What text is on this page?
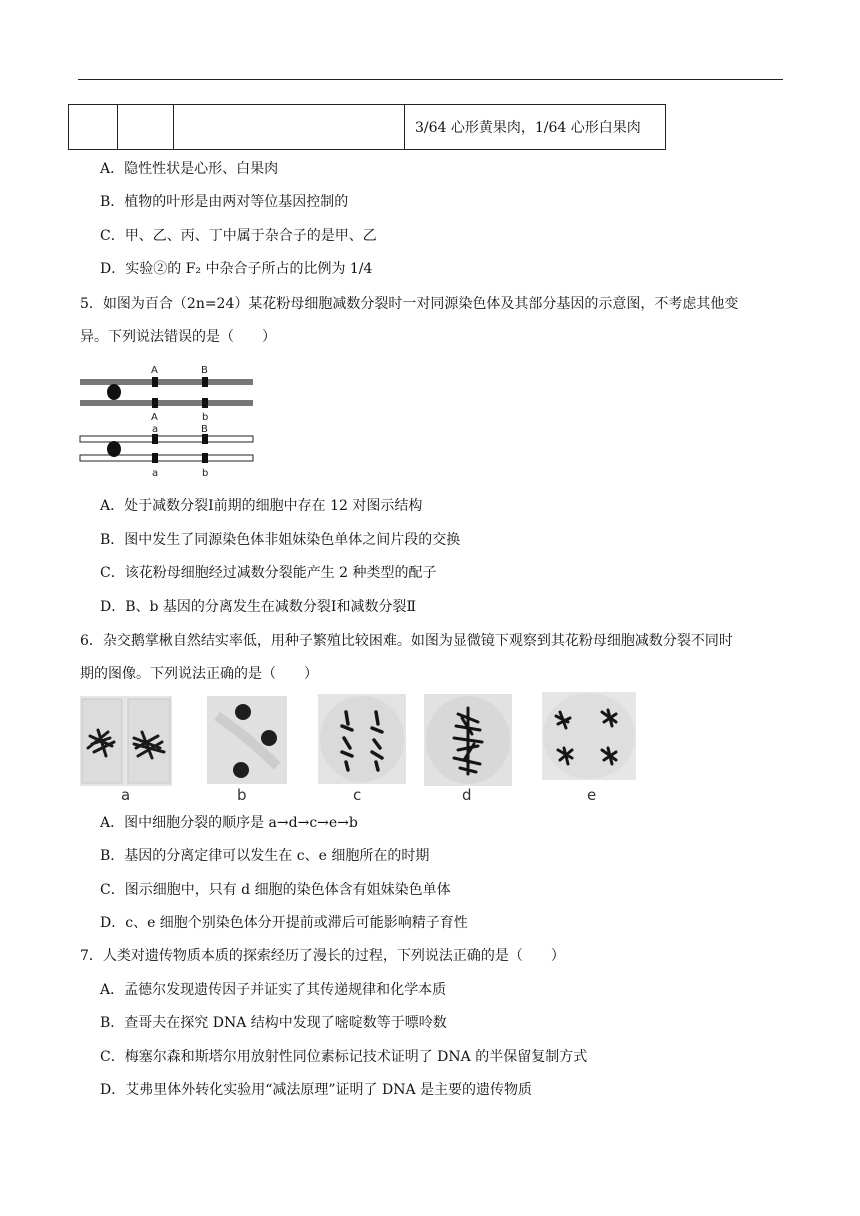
			3/64 心形黄果肉，1/64 心形白果肉
A．隐性性状是心形、白果肉
B．植物的叶形是由两对等位基因控制的
C．甲、乙、丙、丁中属于杂合子的是甲、乙
D．实验②的 F₂ 中杂合子所占的比例为 1/4
5．如图为百合（2n=24）某花粉母细胞减数分裂时一对同源染色体及其部分基因的示意图，不考虑其他变
异。下列说法错误的是（　　）
A	B
A	b
a	B
a	b
A．处于减数分裂Ⅰ前期的细胞中存在 12 对图示结构
B．图中发生了同源染色体非姐妹染色单体之间片段的交换
C．该花粉母细胞经过减数分裂能产生 2 种类型的配子
D．B、b 基因的分离发生在减数分裂Ⅰ和减数分裂Ⅱ
6．杂交鹅掌楸自然结实率低，用种子繁殖比较困难。如图为显微镜下观察到其花粉母细胞减数分裂不同时
期的图像。下列说法正确的是（　　）
a	b	c	d	e
A．图中细胞分裂的顺序是 a→d→c→e→b
B．基因的分离定律可以发生在 c、e 细胞所在的时期
C．图示细胞中，只有 d 细胞的染色体含有姐妹染色单体
D．c、e 细胞个别染色体分开提前或滞后可能影响精子育性
7．人类对遗传物质本质的探索经历了漫长的过程，下列说法正确的是（　　）
A．孟德尔发现遗传因子并证实了其传递规律和化学本质
B．查哥夫在探究 DNA 结构中发现了嘧啶数等于嘌呤数
C．梅塞尔森和斯塔尔用放射性同位素标记技术证明了 DNA 的半保留复制方式
D．艾弗里体外转化实验用“减法原理”证明了 DNA 是主要的遗传物质
